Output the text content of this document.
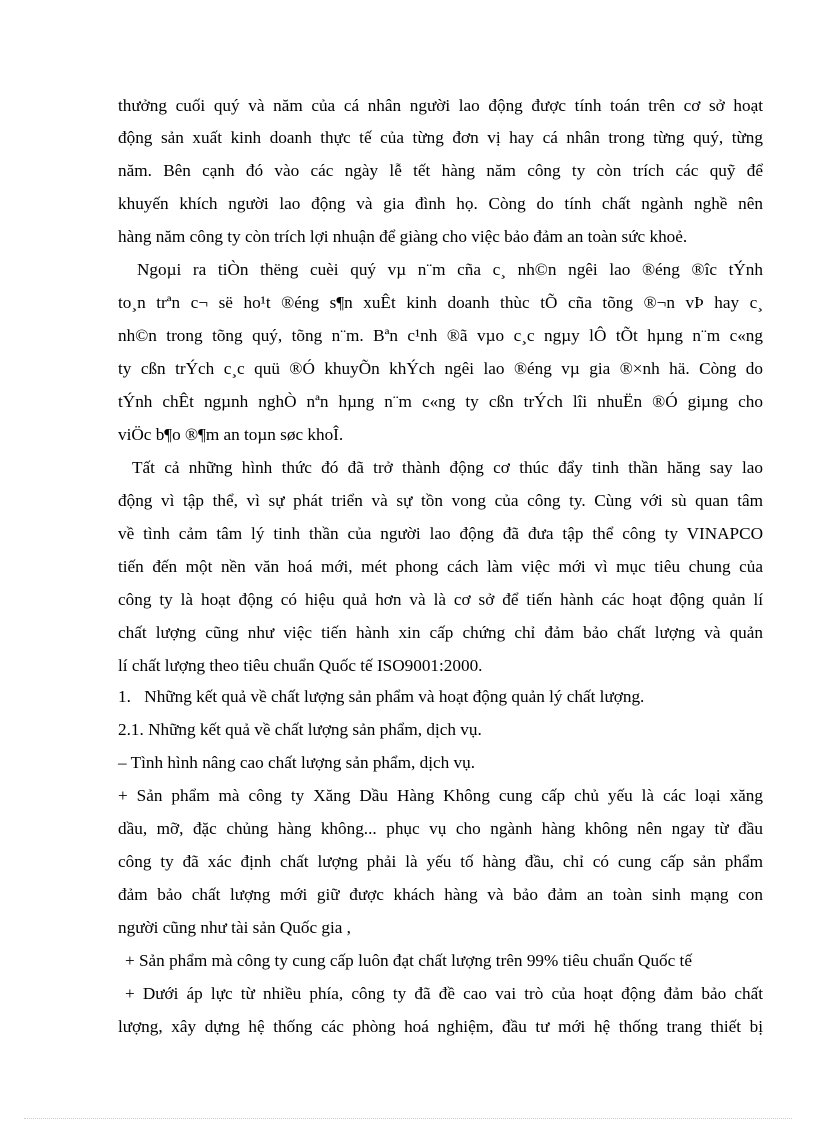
thưởng cuối quý và năm của cá nhân người lao động được tính toán trên cơ sở hoạt
động sản xuất kinh doanh thực tế của từng đơn vị hay cá nhân trong từng quý, từng
năm. Bên cạnh đó vào các ngày lễ tết hàng năm công ty còn trích các quỹ để
khuyến khích người lao động và gia đình họ. Còng do tính chất ngành nghề nên
hàng năm công ty còn trích lợi nhuận để giàng cho việc bảo đảm an toàn sức khoẻ.
Ngoµi ra tiÒn thëng cuèi quý vµ n¨m cña c¸ nh©n ngêi lao ®éng ®îc tÝnh
to¸n trªn c¬ së ho¹t ®éng s¶n xuÊt kinh doanh thùc tÕ cña tõng ®¬n vÞ hay c¸
nh©n trong tõng quý, tõng n¨m. Bªn c¹nh ®ã vµo c¸c ngµy lÔ tÕt hµng n¨m c«ng
ty cßn trÝch c¸c quü ®Ó khuyÕn khÝch ngêi lao ®éng vµ gia ®×nh hä. Còng do
tÝnh chÊt ngµnh nghÒ nªn hµng n¨m c«ng ty cßn trÝch lîi nhuËn ®Ó giµng cho
viÖc b¶o ®¶m an toµn søc khoÎ.
Tất cả những hình thức đó đã trở thành động cơ thúc đẩy tinh thần hăng say lao
động vì tập thể, vì sự phát triển và sự tồn vong của công ty. Cùng với sù quan tâm
về tình cảm tâm lý tinh thần của người lao động đã đưa tập thể công ty VINAPCO
tiến đến một nền văn hoá mới, mét phong cách làm việc mới vì mục tiêu chung của
công ty là hoạt động có hiệu quả hơn và là cơ sở để tiến hành các hoạt động quản lí
chất lượng cũng như việc tiến hành xin cấp chứng chỉ đảm bảo chất lượng và quản
lí chất lượng theo tiêu chuẩn Quốc tế ISO9001:2000.
1. Những kết quả về chất lượng sản phẩm và hoạt động quản lý chất lượng.
2.1. Những kết quả về chất lượng sản phẩm, dịch vụ.
– Tình hình nâng cao chất lượng sản phẩm, dịch vụ.
+ Sản phẩm mà công ty Xăng Dầu Hàng Không cung cấp chủ yếu là các loại xăng
dầu, mỡ, đặc chủng hàng không... phục vụ cho ngành hàng không nên ngay từ đầu
công ty đã xác định chất lượng phải là yếu tố hàng đầu, chỉ có cung cấp sản phẩm
đảm bảo chất lượng mới giữ được khách hàng và bảo đảm an toàn sinh mạng con
người cũng như tài sản Quốc gia ,
+ Sản phẩm mà công ty cung cấp luôn đạt chất lượng trên 99% tiêu chuẩn Quốc tế
+ Dưới áp lực từ nhiều phía, công ty đã đề cao vai trò của hoạt động đảm bảo chất
lượng, xây dựng hệ thống các phòng hoá nghiệm, đầu tư mới hệ thống trang thiết bị
